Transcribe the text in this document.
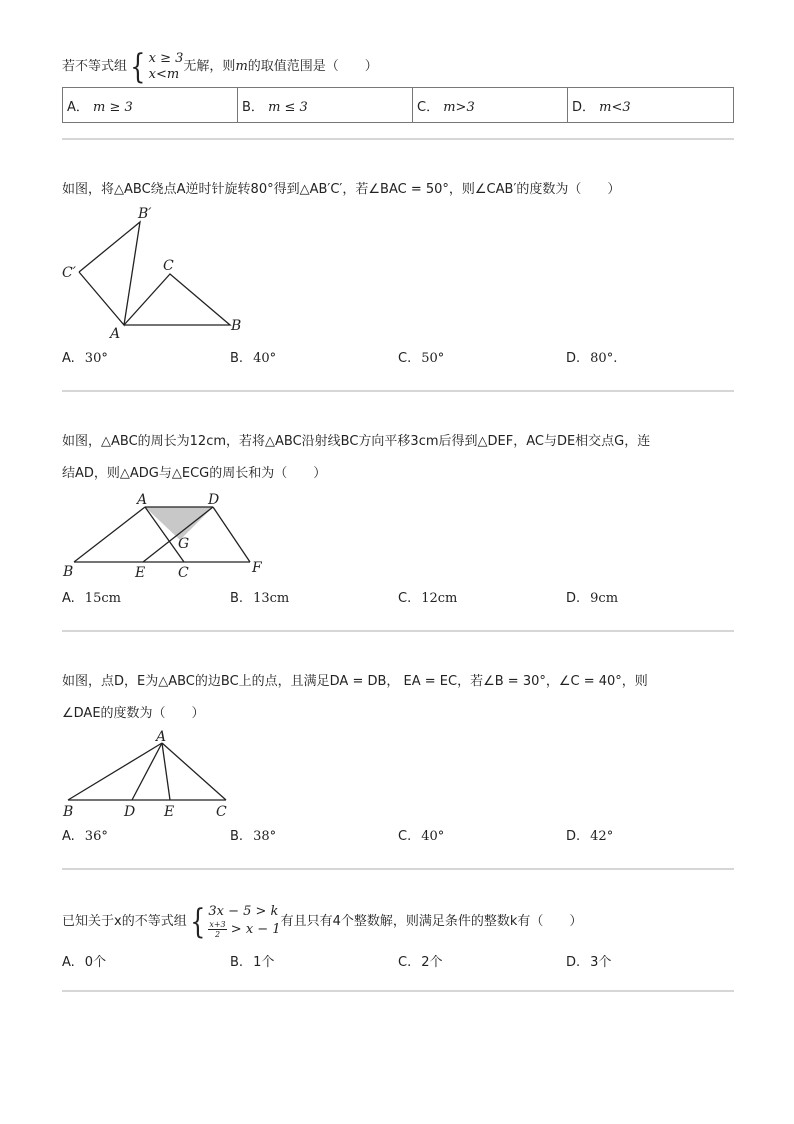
若不等式组{ x ≥ 3
x<m 无解，则m的取值范围是（　　）
A． m ≥ 3	B． m ≤ 3	C． m>3	D． m<3
如图，将△ABC绕点A逆时针旋转80°得到△AB′C′，若∠BAC = 50°，则∠CAB′的度数为（　　）
B′
C′	C
A	B
A. 30°	B. 40°	C. 50°	D. 80°.
如图，△ABC的周长为12cm，若将△ABC沿射线BC方向平移3cm后得到△DEF，AC与DE相交点G，连
结AD，则△ADG与△ECG的周长和为（　　）
A	D
G
B	E C	F
A. 15cm	B. 13cm	C. 12cm	D. 9cm
如图，点D，E为△ABC的边BC上的点，且满足DA = DB， EA = EC，若∠B = 30°，∠C = 40°，则
∠DAE的度数为（　　）
A
B	D E	C
A. 36°	B. 38°	C. 40°	D. 42°
已知关于x的不等式组{ 3x − 5 > k
$\frac{x+3}{2} > x - 1$
有且只有4个整数解，则满足条件的整数k有（　　）
A. 0个	B. 1个	C. 2个	D. 3个
